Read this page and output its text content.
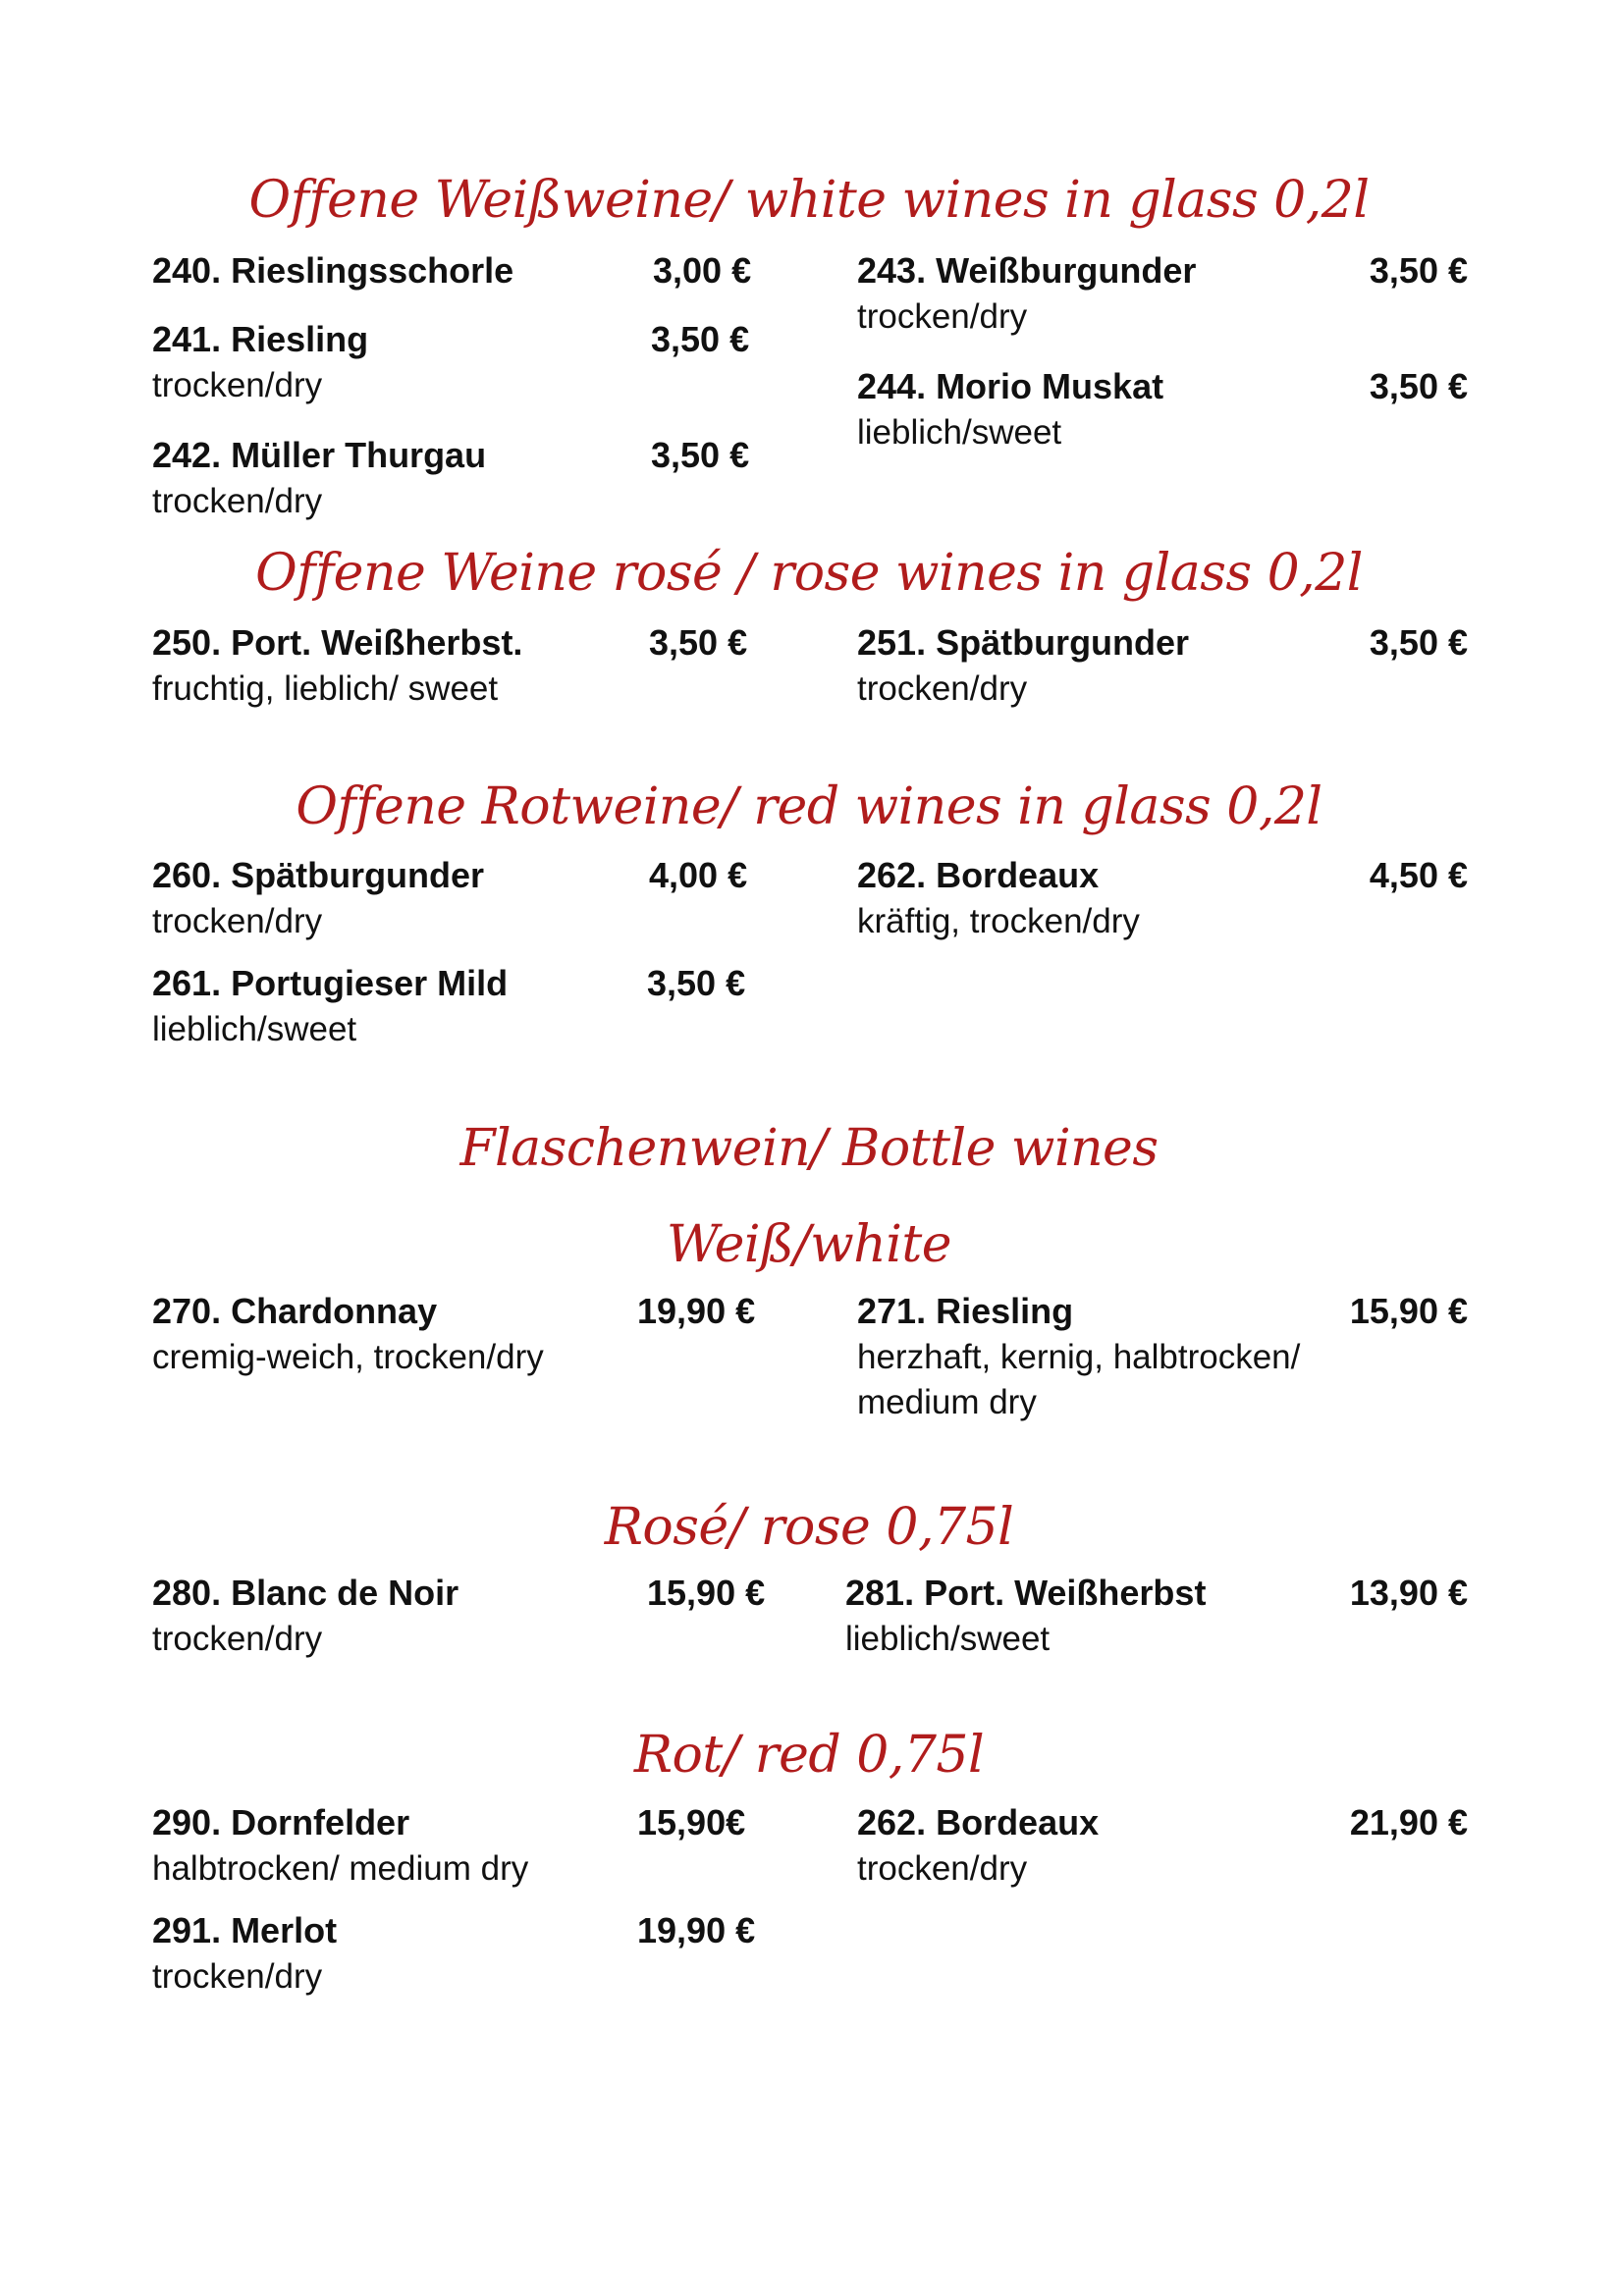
Offene Weißweine/ white wines in glass 0,2l
240. Rieslingsschorle	3,00 €
241. Riesling	3,50 €
trocken/dry
242. Müller Thurgau	3,50 €
trocken/dry
243. Weißburgunder	3,50 €
trocken/dry
244. Morio Muskat	3,50 €
lieblich/sweet
Offene Weine rosé / rose wines in glass 0,2l
250. Port. Weißherbst.	3,50 €
fruchtig, lieblich/ sweet
251. Spätburgunder	3,50 €
trocken/dry
Offene Rotweine/ red wines in glass 0,2l
260. Spätburgunder	4,00 €
trocken/dry
261. Portugieser Mild	3,50 €
lieblich/sweet
262. Bordeaux	4,50 €
kräftig, trocken/dry
Flaschenwein/ Bottle wines
Weiß/white
270. Chardonnay	19,90 €
cremig-weich, trocken/dry
271. Riesling	15,90 €
herzhaft, kernig, halbtrocken/
medium dry
Rosé/ rose 0,75l
280. Blanc de Noir	15,90 €
trocken/dry
281. Port. Weißherbst	13,90 €
lieblich/sweet
Rot/ red 0,75l
290. Dornfelder	15,90€
halbtrocken/ medium dry
291. Merlot	19,90 €
trocken/dry
262. Bordeaux	21,90 €
trocken/dry
